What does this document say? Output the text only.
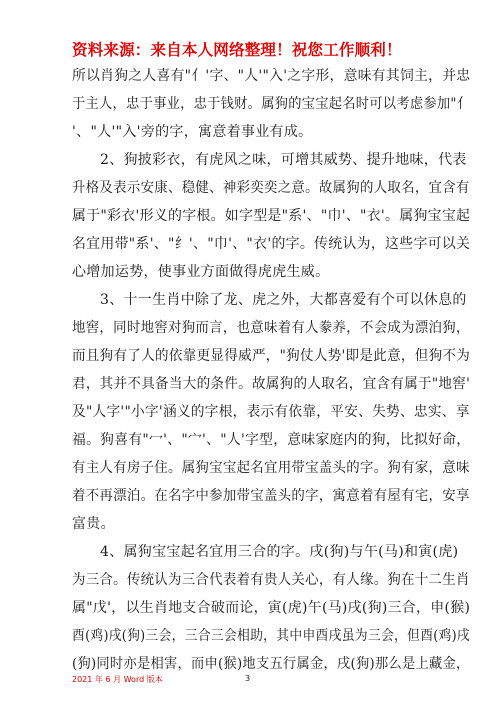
资料来源：来自本人网络整理！祝您工作顺利！
所以肖狗之人喜有"亻'字、"人'"入'之字形，意味有其饲主，并忠
于主人，忠于事业，忠于钱财。属狗的宝宝起名时可以考虑参加"亻
'、"人'"入'旁的字，寓意着事业有成。
2、狗披彩衣，有虎风之味，可增其威势、提升地味，代表
升格及表示安康、稳健、神彩奕奕之意。故属狗的人取名，宜含有
属于"彩衣'形义的字根。如字型是"系'、"巾'、"衣'。属狗宝宝起
名宜用带"系'、"纟'、"巾'、"衣'的字。传统认为，这些字可以关
心增加运势，使事业方面做得虎虎生威。
3、十一生肖中除了龙、虎之外，大都喜爱有个可以休息的
地窖，同时地窖对狗而言，也意味着有人豢养，不会成为漂泊狗，
而且狗有了人的依靠更显得威严，"狗仗人势'即是此意，但狗不为
君，其并不具备当大的条件。故属狗的人取名，宜含有属于"地窖'
及"人字'"小字'涵义的字根，表示有依靠，平安、失势、忠实、享
福。狗喜有"冖'、"宀'、"人'字型，意味家庭内的狗，比拟好命，
有主人有房子住。属狗宝宝起名宜用带宝盖头的字。狗有家，意味
着不再漂泊。在名字中参加带宝盖头的字，寓意着有屋有宅，安享
富贵。
4、属狗宝宝起名宜用三合的字。戌(狗)与午(马)和寅(虎)
为三合。传统认为三合代表着有贵人关心，有人缘。狗在十二生肖
属"戊'，以生肖地支合破而论，寅(虎)午(马)戌(狗)三合，申(猴)
酉(鸡)戌(狗)三会，三合三会相助，其中申酉戌虽为三会，但酉(鸡)戌
(狗)同时亦是相害，而申(猴)地支五行属金，戌(狗)那么是上藏金，
2021 年 6 月 Word 版本	3
